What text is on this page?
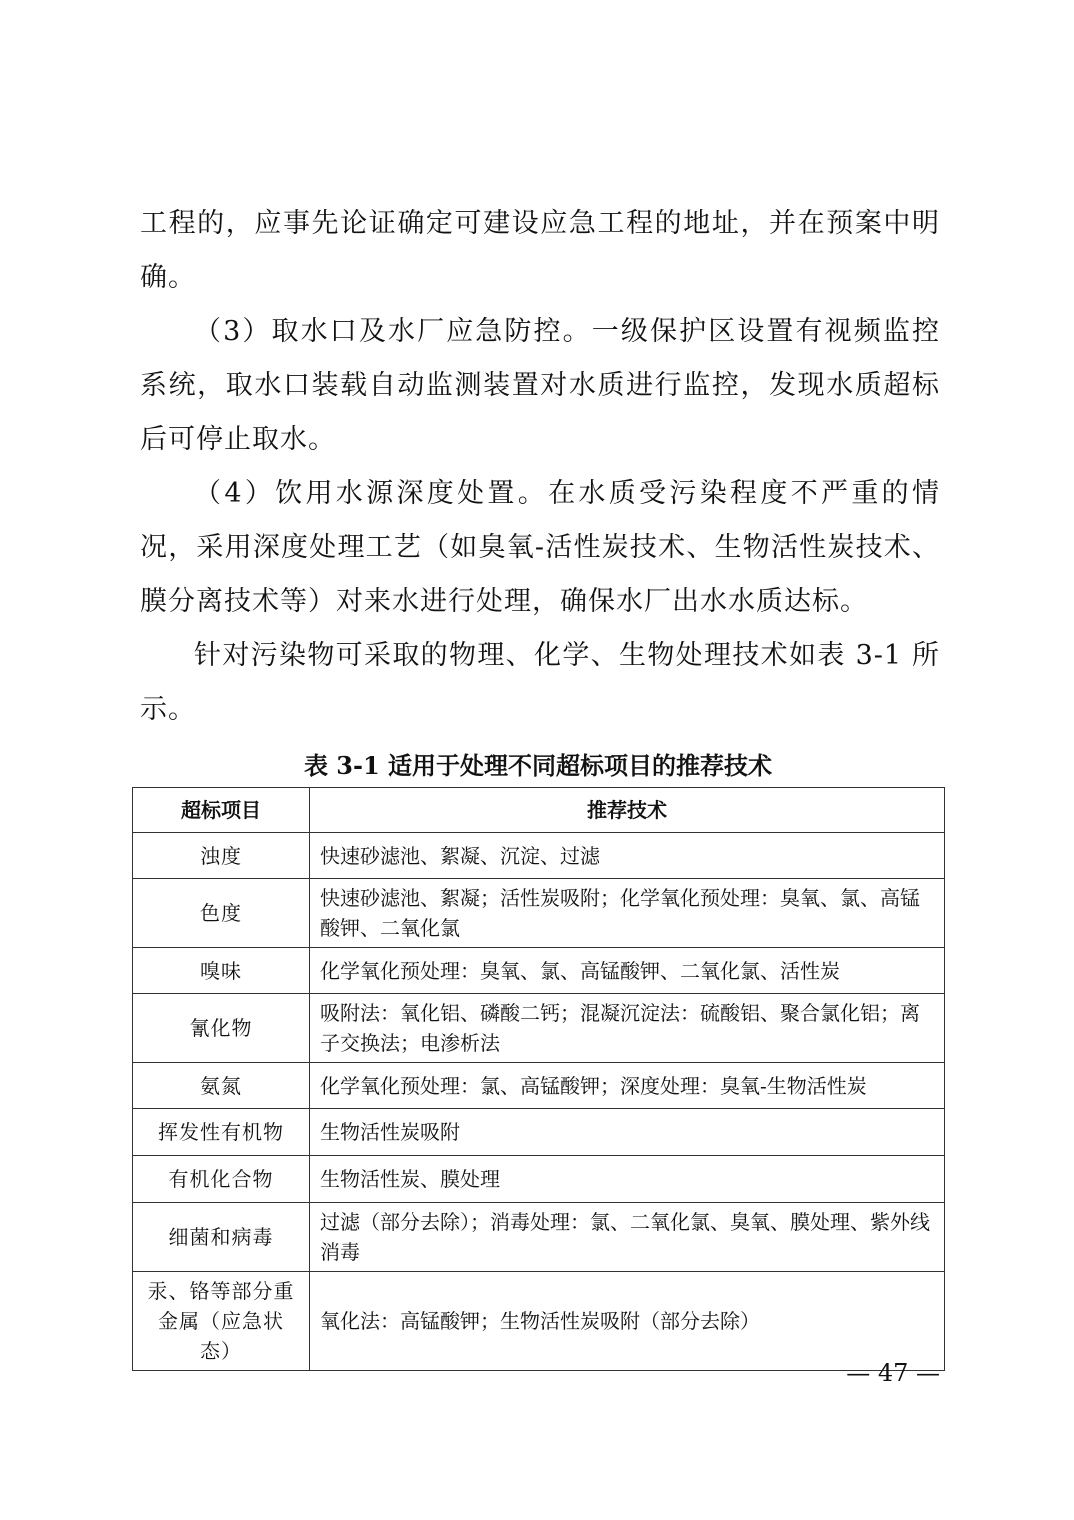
工程的，应事先论证确定可建设应急工程的地址，并在预案中明确。

（3）取水口及水厂应急防控。一级保护区设置有视频监控系统，取水口装载自动监测装置对水质进行监控，发现水质超标后可停止取水。

（4）饮用水源深度处置。在水质受污染程度不严重的情况，采用深度处理工艺（如臭氧-活性炭技术、生物活性炭技术、膜分离技术等）对来水进行处理，确保水厂出水水质达标。

针对污染物可采取的物理、化学、生物处理技术如表 3-1 所示。

表 3-1 适用于处理不同超标项目的推荐技术

超标项目	推荐技术
浊度	快速砂滤池、絮凝、沉淀、过滤
色度	快速砂滤池、絮凝；活性炭吸附；化学氧化预处理：臭氧、氯、高锰酸钾、二氧化氯
嗅味	化学氧化预处理：臭氧、氯、高锰酸钾、二氧化氯、活性炭
氰化物	吸附法：氧化铝、磷酸二钙；混凝沉淀法：硫酸铝、聚合氯化铝；离子交换法；电渗析法
氨氮	化学氧化预处理：氯、高锰酸钾；深度处理：臭氧-生物活性炭
挥发性有机物	生物活性炭吸附
有机化合物	生物活性炭、膜处理
细菌和病毒	过滤（部分去除）；消毒处理：氯、二氧化氯、臭氧、膜处理、紫外线消毒
汞、铬等部分重金属（应急状态）	氧化法：高锰酸钾；生物活性炭吸附（部分去除）

— 47 —
